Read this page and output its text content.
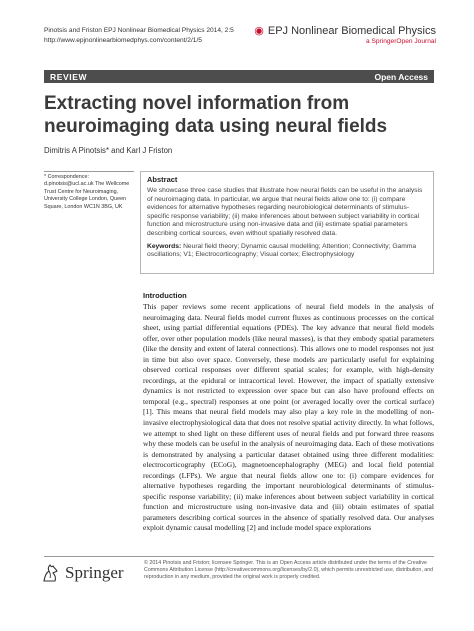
Pinotsis and Friston EPJ Nonlinear Biomedical Physics 2014, 2:5
http://www.epjnonlinearbiomedphys.com/content/2/1/5
◉ EPJ Nonlinear Biomedical Physics
a SpringerOpen Journal
REVIEW	Open Access
Extracting novel information from neuroimaging data using neural fields
Dimitris A Pinotsis* and Karl J Friston
* Correspondence: d.pinotsis@ucl.ac.uk The Wellcome Trust Centre for Neuroimaging, University College London, Queen Square, London WC1N 3BG, UK
Abstract
We showcase three case studies that illustrate how neural fields can be useful in the analysis of neuroimaging data. In particular, we argue that neural fields allow one to: (i) compare evidences for alternative hypotheses regarding neurobiological determinants of stimulus-specific response variability; (ii) make inferences about between subject variability in cortical function and microstructure using non-invasive data and (iii) estimate spatial parameters describing cortical sources, even without spatially resolved data.
Keywords: Neural field theory; Dynamic causal modelling; Attention; Connectivity; Gamma oscillations; V1; Electrocorticography; Visual cortex; Electrophysiology
Introduction

This paper reviews some recent applications of neural field models in the analysis of neuroimaging data. Neural fields model current fluxes as continuous processes on the cortical sheet, using partial differential equations (PDEs). The key advance that neural field models offer, over other population models (like neural masses), is that they embody spatial parameters (like the density and extent of lateral connections). This allows one to model responses not just in time but also over space. Conversely, these models are particularly useful for explaining observed cortical responses over different spatial scales; for example, with high-density recordings, at the epidural or intracortical level. However, the impact of spatially extensive dynamics is not restricted to expression over space but can also have profound effects on temporal (e.g., spectral) responses at one point (or averaged locally over the cortical surface) [1]. This means that neural field models may also play a key role in the modelling of non-invasive electrophysiological data that does not resolve spatial activity directly. In what follows, we attempt to shed light on these different uses of neural fields and put forward three reasons why these models can be useful in the analysis of neuroimaging data. Each of these motivations is demonstrated by analysing a particular dataset obtained using three different modalities: electrocorticography (ECoG), magnetoencephalography (MEG) and local field potential recordings (LFPs). We argue that neural fields allow one to: (i) compare evidences for alternative hypotheses regarding the important neurobiological determinants of stimulus-specific response variability; (ii) make inferences about between subject variability in cortical function and microstructure using non-invasive data and (iii) obtain estimates of spatial parameters describing cortical sources in the absence of spatially resolved data. Our analyses exploit dynamic causal modelling [2] and include model space explorations

Springer	© 2014 Pinotsis and Friston; licensee Springer. This is an Open Access article distributed under the terms of the Creative Commons Attribution License (http://creativecommons.org/licenses/by/2.0), which permits unrestricted use, distribution, and reproduction in any medium, provided the original work is properly credited.
